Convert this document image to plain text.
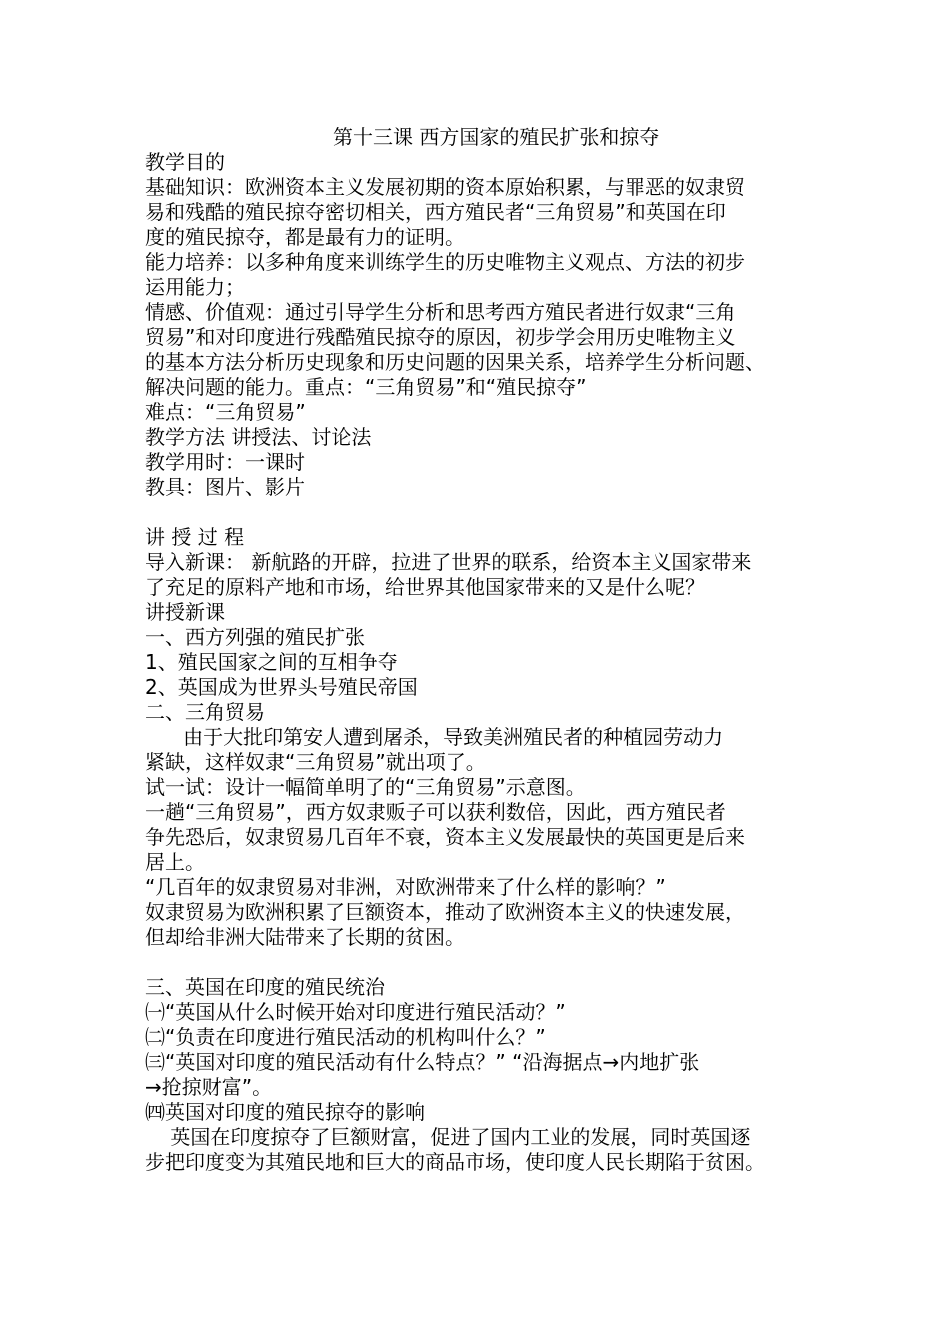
第十三课 西方国家的殖民扩张和掠夺
教学目的
基础知识：欧洲资本主义发展初期的资本原始积累，与罪恶的奴隶贸
易和残酷的殖民掠夺密切相关，西方殖民者“三角贸易”和英国在印
度的殖民掠夺，都是最有力的证明。
能力培养：以多种角度来训练学生的历史唯物主义观点、方法的初步
运用能力；
情感、价值观：通过引导学生分析和思考西方殖民者进行奴隶“三角
贸易”和对印度进行残酷殖民掠夺的原因，初步学会用历史唯物主义
的基本方法分析历史现象和历史问题的因果关系，培养学生分析问题、
解决问题的能力。重点：“三角贸易”和“殖民掠夺”
难点：“三角贸易”
教学方法 讲授法、讨论法
教学用时：一课时
教具：图片、影片
讲 授 过 程
导入新课： 新航路的开辟，拉进了世界的联系，给资本主义国家带来
了充足的原料产地和市场，给世界其他国家带来的又是什么呢？
讲授新课
一、西方列强的殖民扩张
1、殖民国家之间的互相争夺
2、英国成为世界头号殖民帝国
二、三角贸易
由于大批印第安人遭到屠杀，导致美洲殖民者的种植园劳动力
紧缺，这样奴隶“三角贸易”就出项了。
试一试：设计一幅简单明了的“三角贸易”示意图。
一趟“三角贸易”，西方奴隶贩子可以获利数倍，因此，西方殖民者
争先恐后，奴隶贸易几百年不衰，资本主义发展最快的英国更是后来
居上。
“几百年的奴隶贸易对非洲，对欧洲带来了什么样的影响？”
奴隶贸易为欧洲积累了巨额资本，推动了欧洲资本主义的快速发展，
但却给非洲大陆带来了长期的贫困。
三、英国在印度的殖民统治
㈠“英国从什么时候开始对印度进行殖民活动？”
㈡“负责在印度进行殖民活动的机构叫什么？”
㈢“英国对印度的殖民活动有什么特点？” “沿海据点→内地扩张
→抢掠财富”。
㈣英国对印度的殖民掠夺的影响
英国在印度掠夺了巨额财富，促进了国内工业的发展，同时英国逐
步把印度变为其殖民地和巨大的商品市场，使印度人民长期陷于贫困。
